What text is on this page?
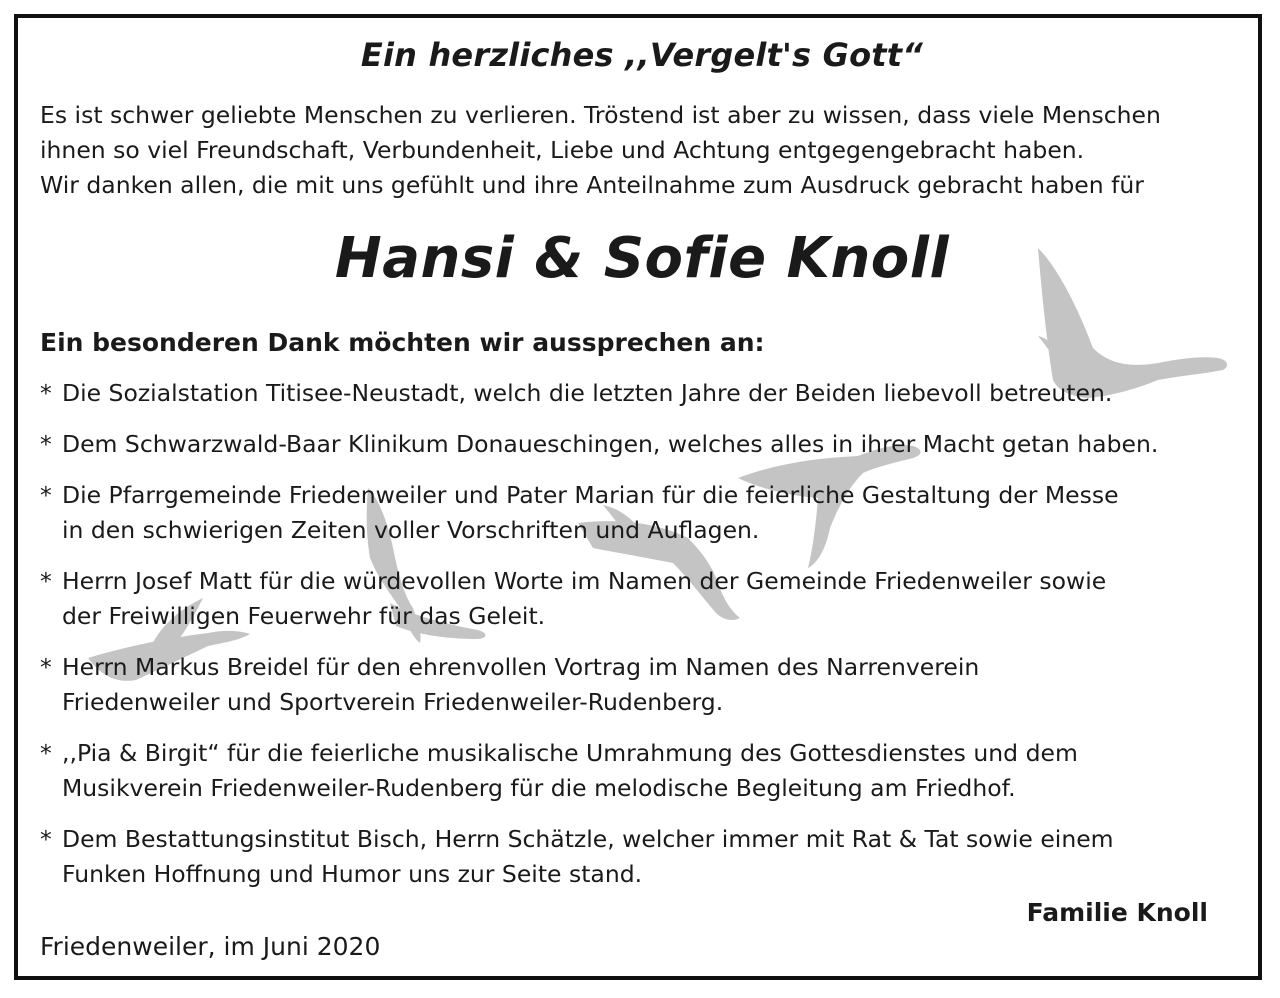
Ein herzliches ,,Vergelt's Gott“
Es ist schwer geliebte Menschen zu verlieren. Tröstend ist aber zu wissen, dass viele Menschen
ihnen so viel Freundschaft, Verbundenheit, Liebe und Achtung entgegengebracht haben.
Wir danken allen, die mit uns gefühlt und ihre Anteilnahme zum Ausdruck gebracht haben für
Hansi & Sofie Knoll
Ein besonderen Dank möchten wir aussprechen an:
* Die Sozialstation Titisee-Neustadt, welch die letzten Jahre der Beiden liebevoll betreuten.
* Dem Schwarzwald-Baar Klinikum Donaueschingen, welches alles in ihrer Macht getan haben.
* Die Pfarrgemeinde Friedenweiler und Pater Marian für die feierliche Gestaltung der Messe
in den schwierigen Zeiten voller Vorschriften und Auflagen.
* Herrn Josef Matt für die würdevollen Worte im Namen der Gemeinde Friedenweiler sowie
der Freiwilligen Feuerwehr für das Geleit.
* Herrn Markus Breidel für den ehrenvollen Vortrag im Namen des Narrenverein
Friedenweiler und Sportverein Friedenweiler-Rudenberg.
* ,,Pia & Birgit“ für die feierliche musikalische Umrahmung des Gottesdienstes und dem
Musikverein Friedenweiler-Rudenberg für die melodische Begleitung am Friedhof.
* Dem Bestattungsinstitut Bisch, Herrn Schätzle, welcher immer mit Rat & Tat sowie einem
Funken Hoffnung und Humor uns zur Seite stand.
Familie Knoll
Friedenweiler, im Juni 2020
